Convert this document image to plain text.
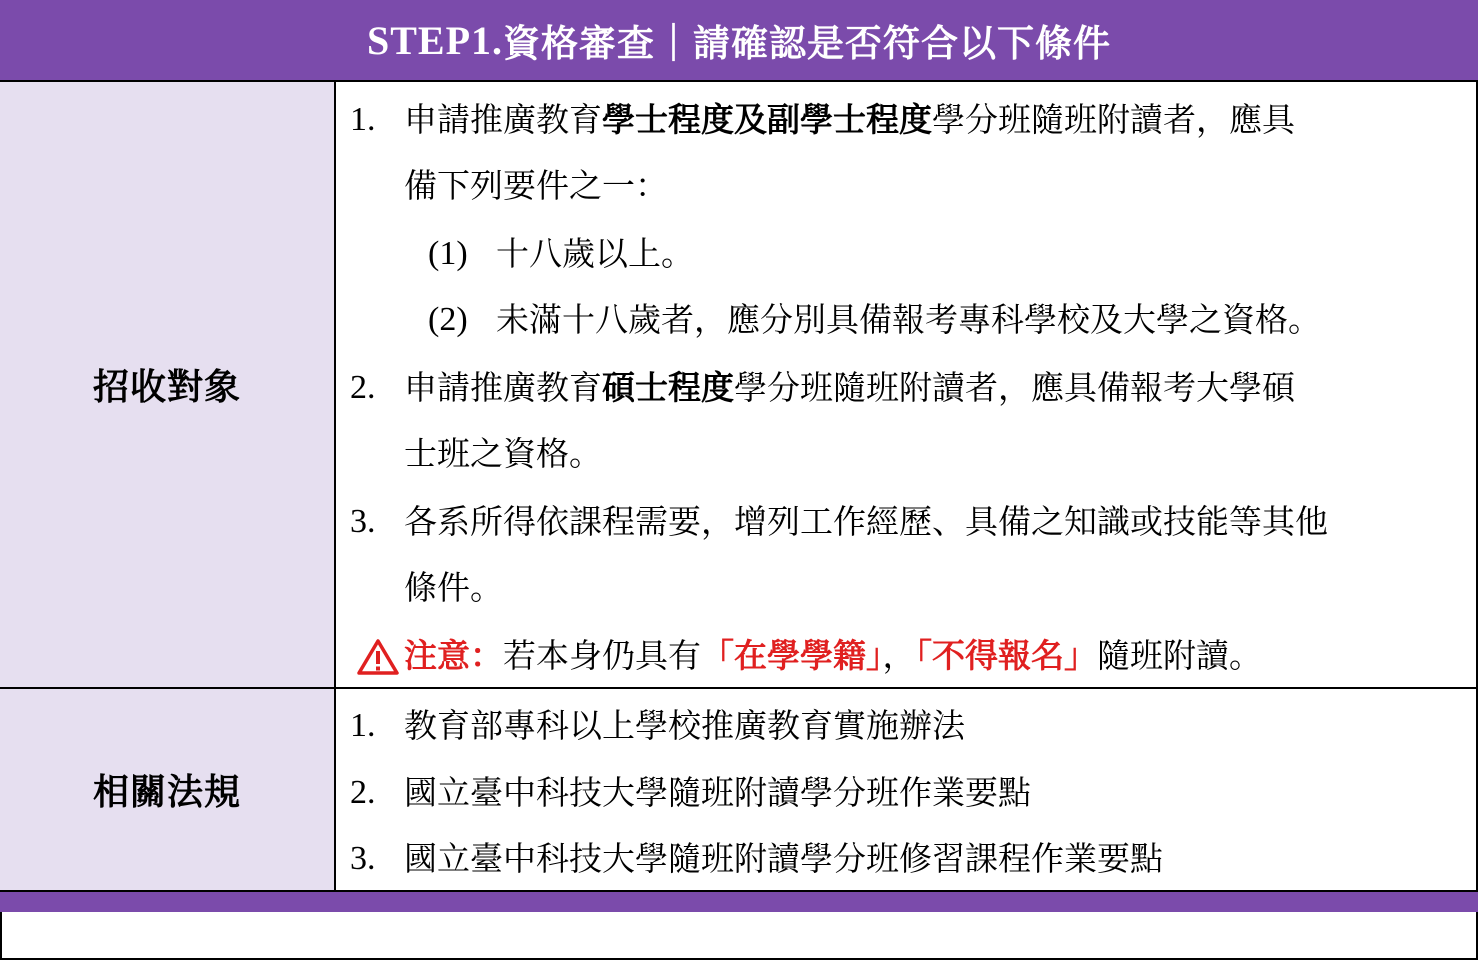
STEP1. 資格審查｜請確認是否符合以下條件
招收對象
1. 申請推廣教育學士程度及副學士程度學分班隨班附讀者，應具
備下列要件之一：
(1) 十八歲以上。
(2) 未滿十八歲者，應分別具備報考專科學校及大學之資格。
2. 申請推廣教育碩士程度學分班隨班附讀者，應具備報考大學碩
士班之資格。
3. 各系所得依課程需要，增列工作經歷、具備之知識或技能等其他
條件。
注意：若本身仍具有「在學學籍」，「不得報名」隨班附讀。
相關法規
1. 教育部專科以上學校推廣教育實施辦法
2. 國立臺中科技大學隨班附讀學分班作業要點
3. 國立臺中科技大學隨班附讀學分班修習課程作業要點
